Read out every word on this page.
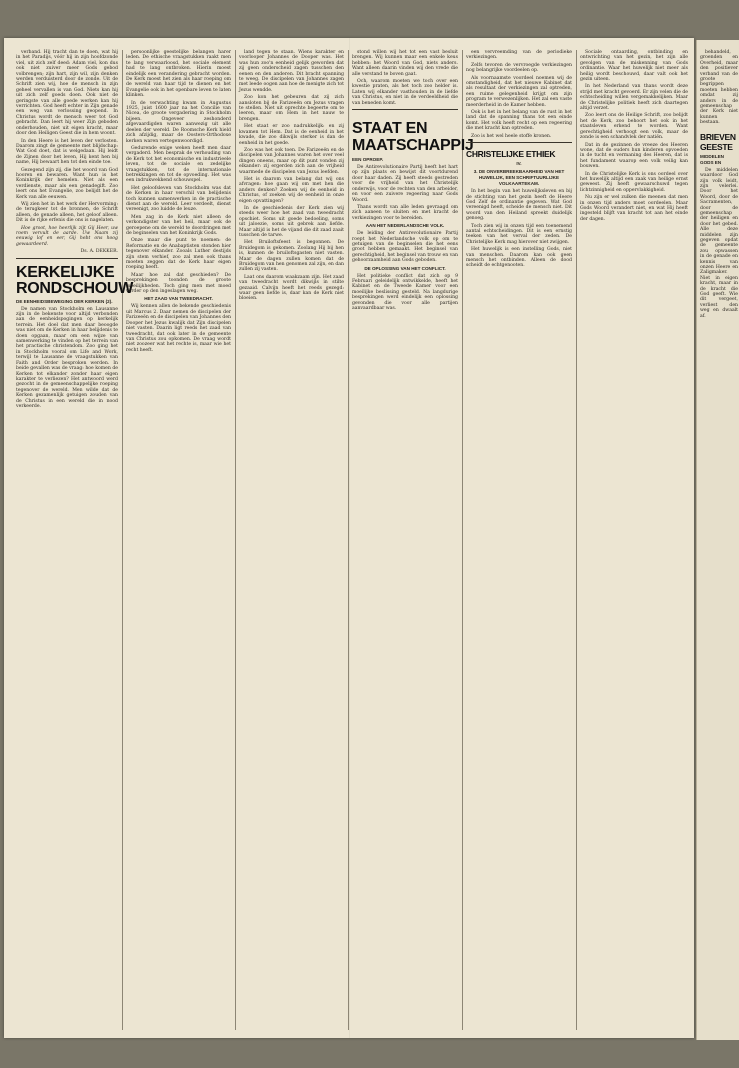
verband. Hij tracht dan te doen, wat hij in het Paradijs, vóór hij in zijn hoofdzonde viel, uit zich zelf deed: Adam viel, kon dus ook niet zuiver meer Gods gebod volbrengen; zijn hart, zijn wil, zijn denken werden verduisterd door de zonde. Uit de Schrift zien wij, hoe de mensch in zijn geheel vervallen is van God. Niets kan hij uit zich zelf goeds doen. Ook niet de geringste van alle goede werken kan hij verrichten. God heeft echter in Zijn genade een weg van verlossing geopend. In Christus wordt de mensch weer tot God gebracht. Dan leert hij weer Zijn geboden onderhouden, niet uit eigen kracht, maar door den Heiligen Geest die in hem woont.

In den Heere is het leven der verlosten. Daarom zingt de gemeente met blijdschap: Wat God doet, dat is welgedaan. Hij leidt de Zijnen door het leven, Hij kent hen bij name, Hij bewaart hen tot den einde toe.

Gezegend zijn zij, die het woord van God hooren en bewaren. Want hun is het Koninkrijk der hemelen. Niet als een verdienste, maar als een genadegift. Zoo leert ons het Evangelie, zoo belijdt het de Kerk van alle eeuwen.

Wij zien het in het werk der Hervorming: de terugkeer tot de bronnen, de Schrift alleen, de genade alleen, het geloof alleen. Dit is de rijke erfenis die ons is nagelaten.

Hoe groot, hoe heerlijk zijt Gij Heer, uw roem vervult de aarde. Uw Naam zij eeuwig lof en eer, Gij hebt ons hoog gewaardeerd.

Ds. A. DEKKER.
KERKELIJKE RONDSCHOUW
DE EENHEIDSBEWEGING DER KERKEN (2).

De namen van Stockholm en Lausanne zijn in de bekenste voor altijd verbonden aan de eenheidspogingen op kerkelijk terrein. Het doel dat men daar beoogde was niet om de Kerken in haar belijdenis te doen opgaan, maar om een wijze van samenwerking te vinden op het terrein van het practische christendom. Zoo ging het in Stockholm vooral om Life and Work, terwijl te Lausanne de vraagstukken van Faith and Order besproken werden. In beide gevallen was de vraag: hoe komen de Kerken tot elkander zonder haar eigen karakter te verliezen? Het antwoord werd gezocht in de gemeenschappelijke roeping tegenover de wereld. Men wilde dat de Kerken gezamenlijk getuigen zouden van de Christus in een wereld die in nood verkeerde.

persoonlijke geestelijke belangen harer leden. De ethische vraagstukken raakt men te lang verwaarloosd, het sociale element had te lang ontbroken. Hierin moest eindelijk een verandering gebracht worden. De Kerk moest het zien als haar roeping om de wereld van haar tijd te dienen en het Evangelie ook in het openbare leven te laten klinken.

In de verwachting kwam in Augustus 1925, juist 1600 jaar na het Concilie van Nicea, de groote vergadering in Stockholm bijeen. Ongeveer zeshonderd afgevaardigden waren aanwezig uit alle deelen der wereld. De Roomsche Kerk hield zich afzijdig, maar de Oosters-Orthodoxe kerken waren vertegenwoordigd.

Gedurende enige weken heeft men daar vergaderd. Men besprak de verhouding van de Kerk tot het economische en industrieele leven, tot de sociale en zedelijke vraagstukken, tot de internationale betrekkingen en tot de opvoeding. Het was een indrukwekkend schouwspel.

Het geloofsleven van Stockholm was dat de Kerken in haar verschil van belijdenis toch kunnen samenwerken in de practische dienst aan de wereld. Leer verdeelt, dienst vereenigt, zoo luidde de leuze.

Men zag in de Kerk niet alleen de verkondigster van het heil, maar ook de geroepene om de wereld te doordringen met de beginselen van het Koninkrijk Gods.

Onze maar die punt te noemen: de Reformatie en de Anabaptisten stonden hier tegenover elkander. Zooals Luther destijds zijn stem verhief, zoo zal men ook thans moeten zeggen dat de Kerk haar eigen roeping heeft.

Maar hoe zal dat geschieden? De besprekingen toonden de groote moeilijkheden. Toch ging men met moed verder op den ingeslagen weg.

HET ZAAD VAN TWEEDRACHT.

Wij kennen allen de bekende geschiedenis uit Marcus 2. Daar nemen de discipelen der Farizeeën en de discipelen van Johannes den Dooper het Jezus kwalijk dat Zijn discipelen niet vasten. Daarin ligt reeds het zaad van tweedracht, dat ook later in de gemeente van Christus zou opkomen. De vraag wordt niet zoozeer wat het rechte is, maar wie het recht heeft.

land tegen te staan. Wiens karakter en voorlooper Johannes de Dooper was. Het was hun zoo'n eenheid gelijk geworden dat zij geen onderscheid zagen tusschen den eenen en den anderen. Dit bracht spanning te weeg. De discipelen van Johannes zagen met leede oogen aan hoe de menigte zich tot Jezus wendde.

Zoo kon het gebeuren dat zij zich aansloten bij de Farizeeën om Jezus vragen te stellen. Niet uit oprechte begeerte om te leeren, maar om Hem in het nauw te brengen.

Het staat er zoo nadrukkelijk: en zij kwamen tot Hem. Dat is de eenheid in het kwade, die zoo dikwijls sterker is dan de eenheid in het goede.

Zoo was het ook toen. De Farizeeën en de discipelen van Johannes waren het over veel dingen oneens, maar op dit punt vonden zij elkander: zij ergerden zich aan de vrijheid waarmede de discipelen van Jezus leefden.

Het is daarom van belang dat wij ons afvragen: hoe gaan wij om met hen die anders denken? Zoeken wij de eenheid in Christus, of zoeken wij de eenheid in onze eigen opvattingen?

In de geschiedenis der Kerk zien wij steeds weer hoe het zaad van tweedracht opschiet. Soms uit goede bedoeling, soms uit jaloezie, soms uit gebrek aan liefde. Maar altijd is het de vijand die dit zaad zaait tusschen de tarwe.

Het Bruiloftsfeest is begonnen. De Bruidegom is gekomen. Zoolang Hij bij hen is, kunnen de bruiloftsgasten niet vasten. Maar de dagen zullen komen dat de Bruidegom van hen genomen zal zijn, en dan zullen zij vasten.

Laat ons daarom waakzaam zijn. Het zaad van tweedracht wordt dikwijls in stilte gezaaid. Calvijn heeft het reeds gezegd: waar geen liefde is, daar kan de Kerk niet bloeien.

stond willen wij het tot een vast besluit brengen. Wij kunnen maar een enkele keus hebben: het Woord van God, niets anders. Want alleen daarin vinden wij den vrede die alle verstand te boven gaat.

Och, waarom moeten we toch over een kwestie praten, als het toch zoo helder is. Laten wij elkander vasthouden in de liefde van Christus, en niet in de verdeeldheid die van beneden komt.

STAAT EN MAATSCHAPPIJ
EEN OPROEP.

De Antirevolutionaire Partij heeft het hart op zijn plaats en bewijst dit voortdurend door haar daden. Zij heeft steeds gestreden voor de vrijheid van het Christelijk onderwijs, voor de rechten van den arbeider, en voor een zuivere regeering naar Gods Woord.

Thans wordt van alle leden gevraagd om zich aaneen te sluiten en met kracht de verkiezingen voor te bereiden.

AAN HET NEDERLANDSCHE VOLK.

De leiding der Antirevolutionaire Partij roept het Nederlandsche volk op om te getuigen van de beginselen die het eens groot hebben gemaakt. Het beginsel van gerechtigheid, het beginsel van trouw en van gehoorzaamheid aan Gods geboden.

DE OPLOSSING VAN HET CONFLICT.

Het politieke conflict dat zich op 9 Februari geleidelijk ontwikkelde, heeft het Kabinet en de Tweede Kamer voor een moeilijke beslissing gesteld. Na langdurige besprekingen werd eindelijk een oplossing gevonden die voor alle partijen aanvaardbaar was.

een vervreemding van de periodieke verkiezingen.

Zelfs tevoren de vervroegde verkiezingen nog belangrijke voordeelen op.

Als voornaamste voordeel noemen wij de omstandigheid, dat het nieuwe Kabinet dat als resultaat der verkiezingen zal optreden, een ruime gelegenheid krijgt om zijn program te verwezenlijken. Het zal een vaste meerderheid in de Kamer hebben.

Ook is het in het belang van de rust in het land dat de spanning thans tot een einde komt. Het volk heeft recht op een regeering die met kracht kan optreden.

Zoo is het wel heele stoffe kronen.

CHRISTELIJKE ETHIEK
IV.
3. DE ONVERBREEKBAARHEID VAN HET HUWELIJK, EEN SCHRIFTUURLIJKE VOLKAARTEKAM.

In het begin van het huwelijksleven en bij de stichting van het gezin heeft de Heere God Zelf de ordinantie gegeven. Wat God vereenigd heeft, scheide de mensch niet. Dit woord van den Heiland spreekt duidelijk genoeg.

Toch zien wij in onzen tijd een toenemend aantal echtscheidingen. Dit is een ernstig teeken van het verval der zeden. De Christelijke Kerk mag hierover niet zwijgen.

Het huwelijk is een instelling Gods, niet van menschen. Daarom kan ook geen mensch het ontbinden. Alleen de dood scheidt de echtgenooten.

Sociale ontaarding, ontbinding en ontwrichting van het gezin, het zijn alle gevolgen van de miskenning van Gods ordinantie. Waar het huwelijk niet meer als heilig wordt beschouwd, daar valt ook het gezin uiteen.

In het Nederland van thans wordt deze strijd met kracht gevoerd. Er zijn velen die de echtscheiding willen vergemakkelijken. Maar de Christelijke politiek heeft zich daartegen altijd verzet.

Zoo leert ons de Heilige Schrift, zoo belijdt het de Kerk, zoo behoort het ook in het staatsleven erkend te worden. Want gerechtigheid verhoogt een volk, maar de zonde is een schandvlek der natiën.

Dat in de gezinnen de vreeze des Heeren wone, dat de ouders hun kinderen opvoeden in de tucht en vermaning des Heeren, dat is het fundament waarop een volk veilig kan bouwen.

In de Christelijke Kerk is ons oordeel over het huwelijk altijd een zaak van heilige ernst geweest. Zij heeft gewaarschuwd tegen lichtzinnigheid en oppervlakkigheid.

Nu zijn er wel zulken die meenen dat men in onzen tijd anders moet oordeelen. Maar Gods Woord verandert niet, en wat Hij heeft ingesteld blijft van kracht tot aan het einde der dagen.

behandeld, groenden en Overheid, maar den positiever verband van de groote begrippen moeten hebben omdat zij anders in de gemeenschap der Kerk niet kunnen bestaan.

BRIEVEN GEESTE
MIDDELEN GODS EN

De middelen waardoor God zijn volk leidt, zijn velerlei. Door het Woord, door de Sacramenten, door de gemeenschap der heiligen en door het gebed. Alle deze middelen zijn gegeven opdat de gemeente zou opwassen in de genade en kennis van onzen Heere en Zaligmaker. Niet in eigen kracht, maar in de kracht die God geeft. Wie dit vergeet, verliest den weg en dwaalt af.
